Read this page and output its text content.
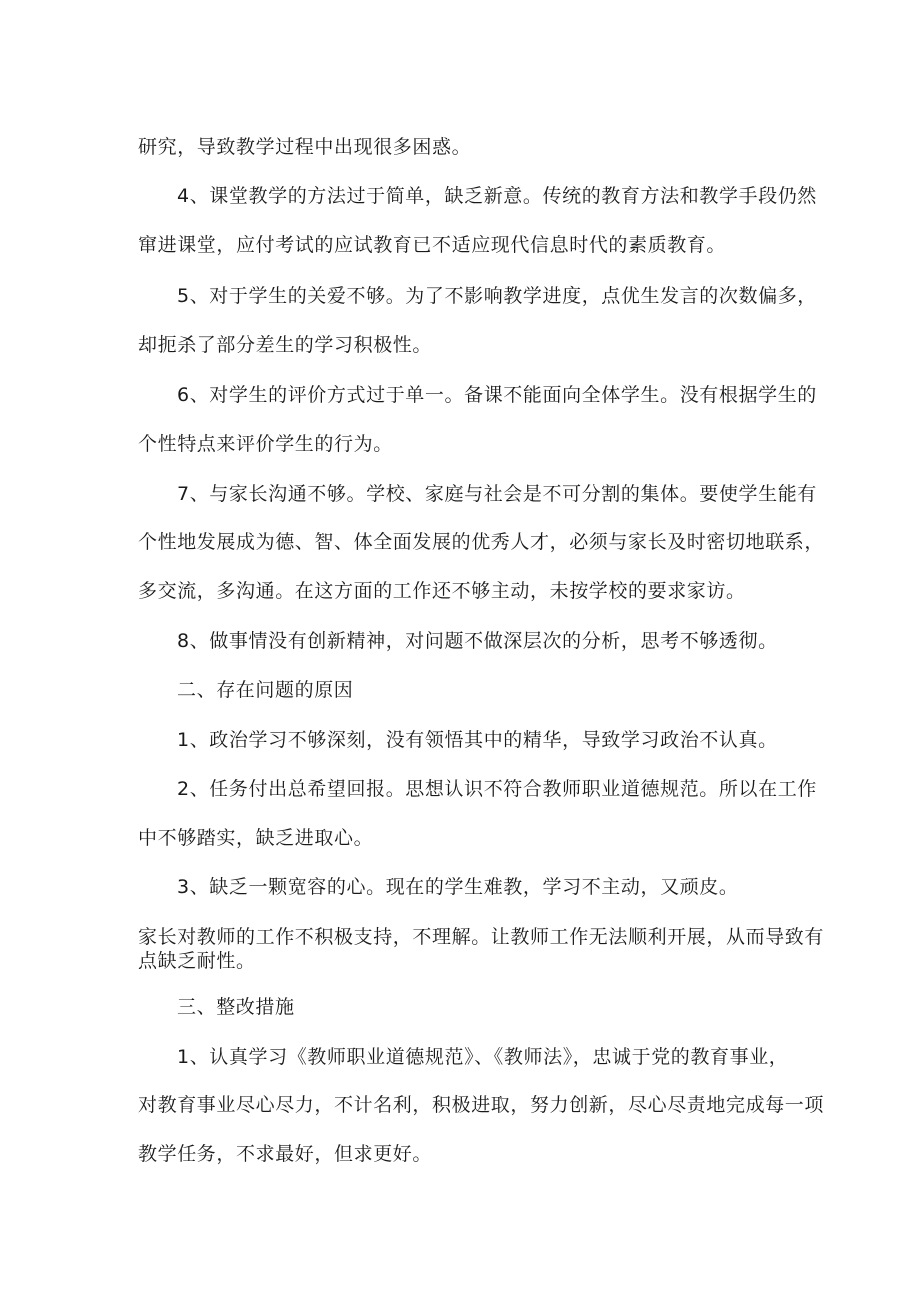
研究，导致教学过程中出现很多困惑。
4、课堂教学的方法过于简单，缺乏新意。传统的教育方法和教学手段仍然
窜进课堂，应付考试的应试教育已不适应现代信息时代的素质教育。
5、对于学生的关爱不够。为了不影响教学进度，点优生发言的次数偏多，
却扼杀了部分差生的学习积极性。
6、对学生的评价方式过于单一。备课不能面向全体学生。没有根据学生的
个性特点来评价学生的行为。
7、与家长沟通不够。学校、家庭与社会是不可分割的集体。要使学生能有
个性地发展成为德、智、体全面发展的优秀人才，必须与家长及时密切地联系，
多交流，多沟通。在这方面的工作还不够主动，未按学校的要求家访。
8、做事情没有创新精神，对问题不做深层次的分析，思考不够透彻。
二、存在问题的原因
1、政治学习不够深刻，没有领悟其中的精华，导致学习政治不认真。
2、任务付出总希望回报。思想认识不符合教师职业道德规范。所以在工作
中不够踏实，缺乏进取心。
3、缺乏一颗宽容的心。现在的学生难教，学习不主动，又顽皮。
家长对教师的工作不积极支持，不理解。让教师工作无法顺利开展，从而导致有
点缺乏耐性。
三、整改措施
1、认真学习《教师职业道德规范》、《教师法》，忠诚于党的教育事业，
对教育事业尽心尽力，不计名利，积极进取，努力创新，尽心尽责地完成每一项
教学任务，不求最好，但求更好。
